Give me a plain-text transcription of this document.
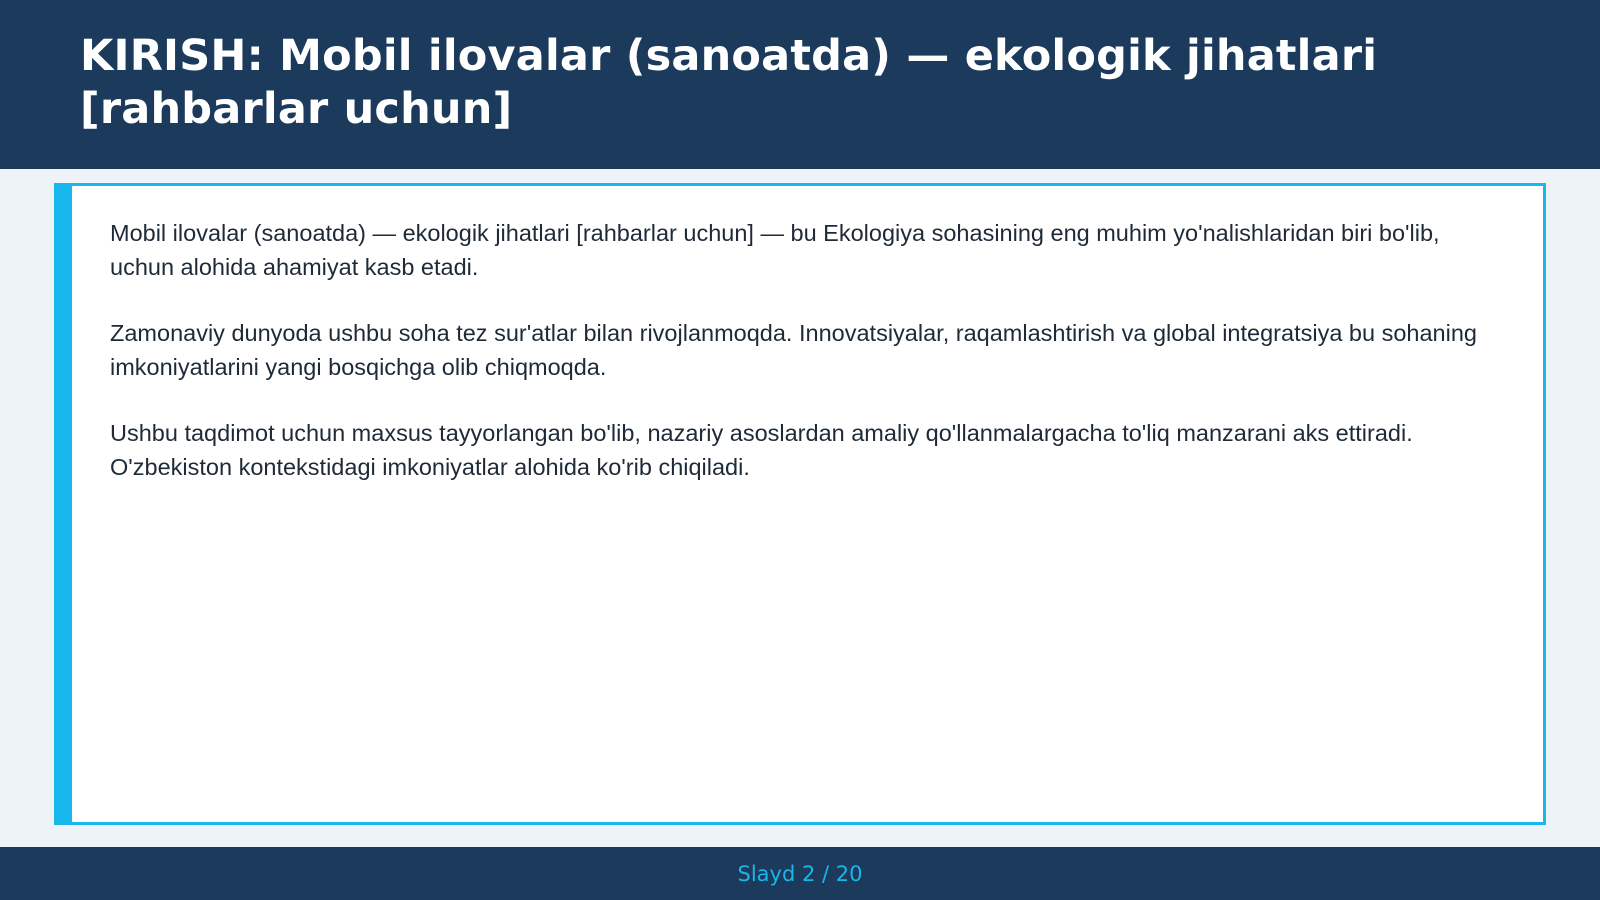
KIRISH: Mobil ilovalar (sanoatda) — ekologik jihatlari [rahbarlar uchun]

Mobil ilovalar (sanoatda) — ekologik jihatlari [rahbarlar uchun] — bu Ekologiya sohasining eng muhim yo'nalishlaridan biri bo'lib, uchun alohida ahamiyat kasb etadi.

Zamonaviy dunyoda ushbu soha tez sur'atlar bilan rivojlanmoqda. Innovatsiyalar, raqamlashtirish va global integratsiya bu sohaning imkoniyatlarini yangi bosqichga olib chiqmoqda.

Ushbu taqdimot uchun maxsus tayyorlangan bo'lib, nazariy asoslardan amaliy qo'llanmalargacha to'liq manzarani aks ettiradi. O'zbekiston kontekstidagi imkoniyatlar alohida ko'rib chiqiladi.

Slayd 2 / 20
